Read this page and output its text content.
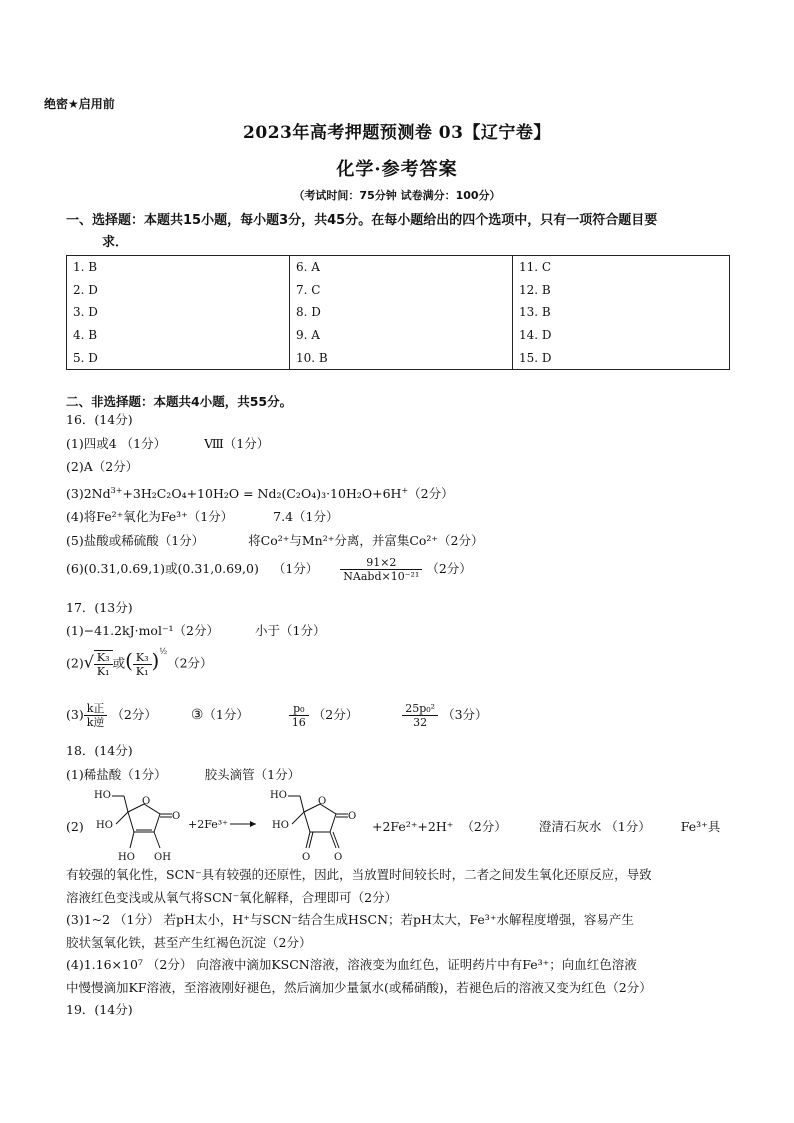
绝密★启用前
2023年高考押题预测卷 03【辽宁卷】
化学·参考答案
（考试时间：75分钟 试卷满分：100分）
一、选择题：本题共15小题，每小题3分，共45分。在每小题给出的四个选项中，只有一项符合题目要
求．
1. B	6. A	11. C
2. D	7. C	12. B
3. D	8. D	13. B
4. B	9. A	14. D
5. D	10. B	15. D
二、非选择题：本题共4小题，共55分。
16．(14分)
(1)四或4 （1分）	Ⅷ（1分）
(2)A（2分）
$(3)2Nd^{3+}+3H_2C_2O_4+10H_2O = Nd_2(C_2O_4)_3\cdot 10H_2O+6H^+(2$分）
(4)将Fe²⁺氧化为Fe³⁺（1分）	7.4（1分）
(5)盐酸或稀硫酸（1分）	将Co²⁺与Mn²⁺分离，并富集Co²⁺（2分）
(6)(0.31,0.69,1)或(0.31,0.69,0) （1分） $\frac{91\times 2}{\text{NAabd×10⁻²¹}} (2$分）
17．(13分)
(1)−41.2kJ·mol⁻¹（2分）	小于（1分）
$(2)√ \frac{\text{K₃}}{\text{K₁}}$ 或( $\frac{\text{K₃}}{\text{K₁}} )^{\frac{1}{2}}(2$分）
$(3) \frac{\text{k正}}{\text{k逆}} (2$分） ③（1分）	$\frac{\text{p₀}}{16} (2$分）	$\frac{\text{25p₀²}}{32} (3$分）
18．(14分)
(1)稀盐酸（1分）	胶头滴管（1分）
(2)
HO
HO
O
O
HO OH
+2Fe³⁺
HO
HO
O
O
O O
+2Fe²⁺+2H⁺ （2分）	澄清石灰水 （1分） Fe³⁺具
有较强的氧化性，SCN⁻具有较强的还原性，因此，当放置时间较长时，二者之间发生氧化还原反应，导致
溶液红色变浅或从氧气将SCN⁻氧化解释，合理即可（2分）
(3)1~2 （1分） 若pH太小，H⁺与SCN⁻结合生成HSCN；若pH太大，Fe³⁺水解程度增强，容易产生
胶状氢氧化铁，甚至产生红褐色沉淀（2分）
(4)1.16×10⁷ （2分） 向溶液中滴加KSCN溶液，溶液变为血红色，证明药片中有Fe³⁺；向血红色溶液
中慢慢滴加KF溶液，至溶液刚好褪色，然后滴加少量氯水(或稀硝酸)，若褪色后的溶液又变为红色（2分）
19．(14分)
